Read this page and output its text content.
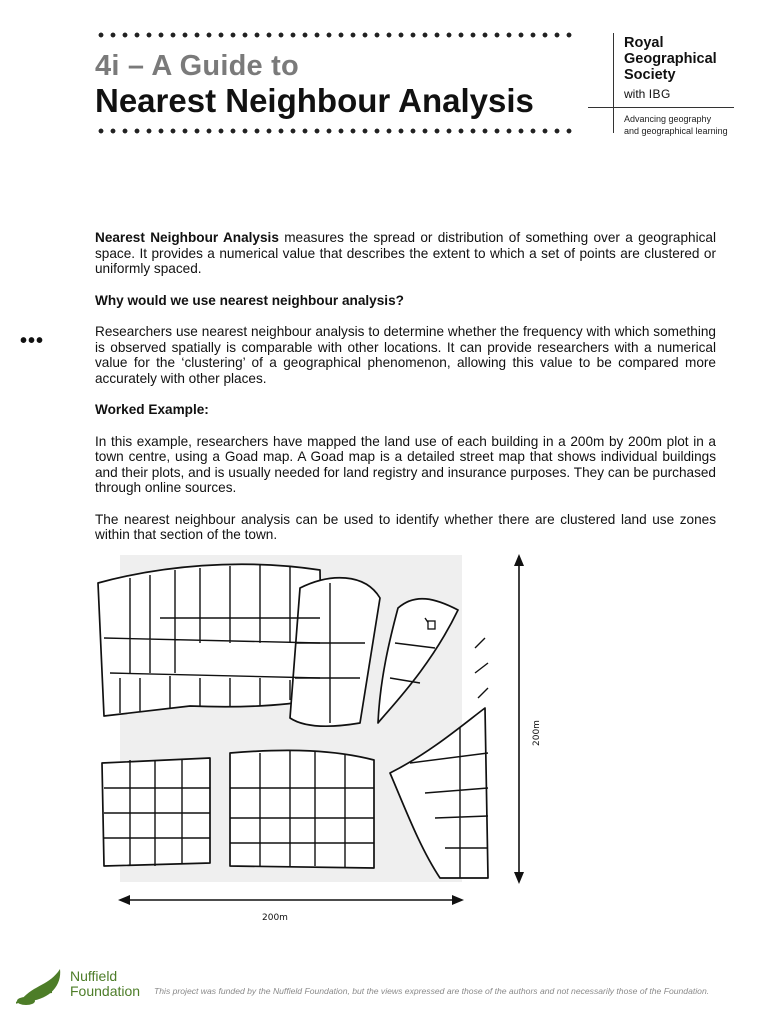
4i – A Guide to
Nearest Neighbour Analysis
Royal
Geographical
Society
with IBG
Advancing geography
and geographical learning
•••

Nearest Neighbour Analysis measures the spread or distribution of something over a geographical space. It provides a numerical value that describes the extent to which a set of points are clustered or uniformly spaced.

Why would we use nearest neighbour analysis?

Researchers use nearest neighbour analysis to determine whether the frequency with which something is observed spatially is comparable with other locations. It can provide researchers with a numerical value for the ‘clustering’ of a geographical phenomenon, allowing this value to be compared more accurately with other places.

Worked Example:

In this example, researchers have mapped the land use of each building in a 200m by 200m plot in a town centre, using a Goad map. A Goad map is a detailed street map that shows individual buildings and their plots, and is usually needed for land registry and insurance purposes. They can be purchased through online sources.

The nearest neighbour analysis can be used to identify whether there are clustered land use zones within that section of the town.

200m
200m
Nuffield
Foundation This project was funded by the Nuffield Foundation, but the views expressed are those of the authors and not necessarily those of the Foundation.
